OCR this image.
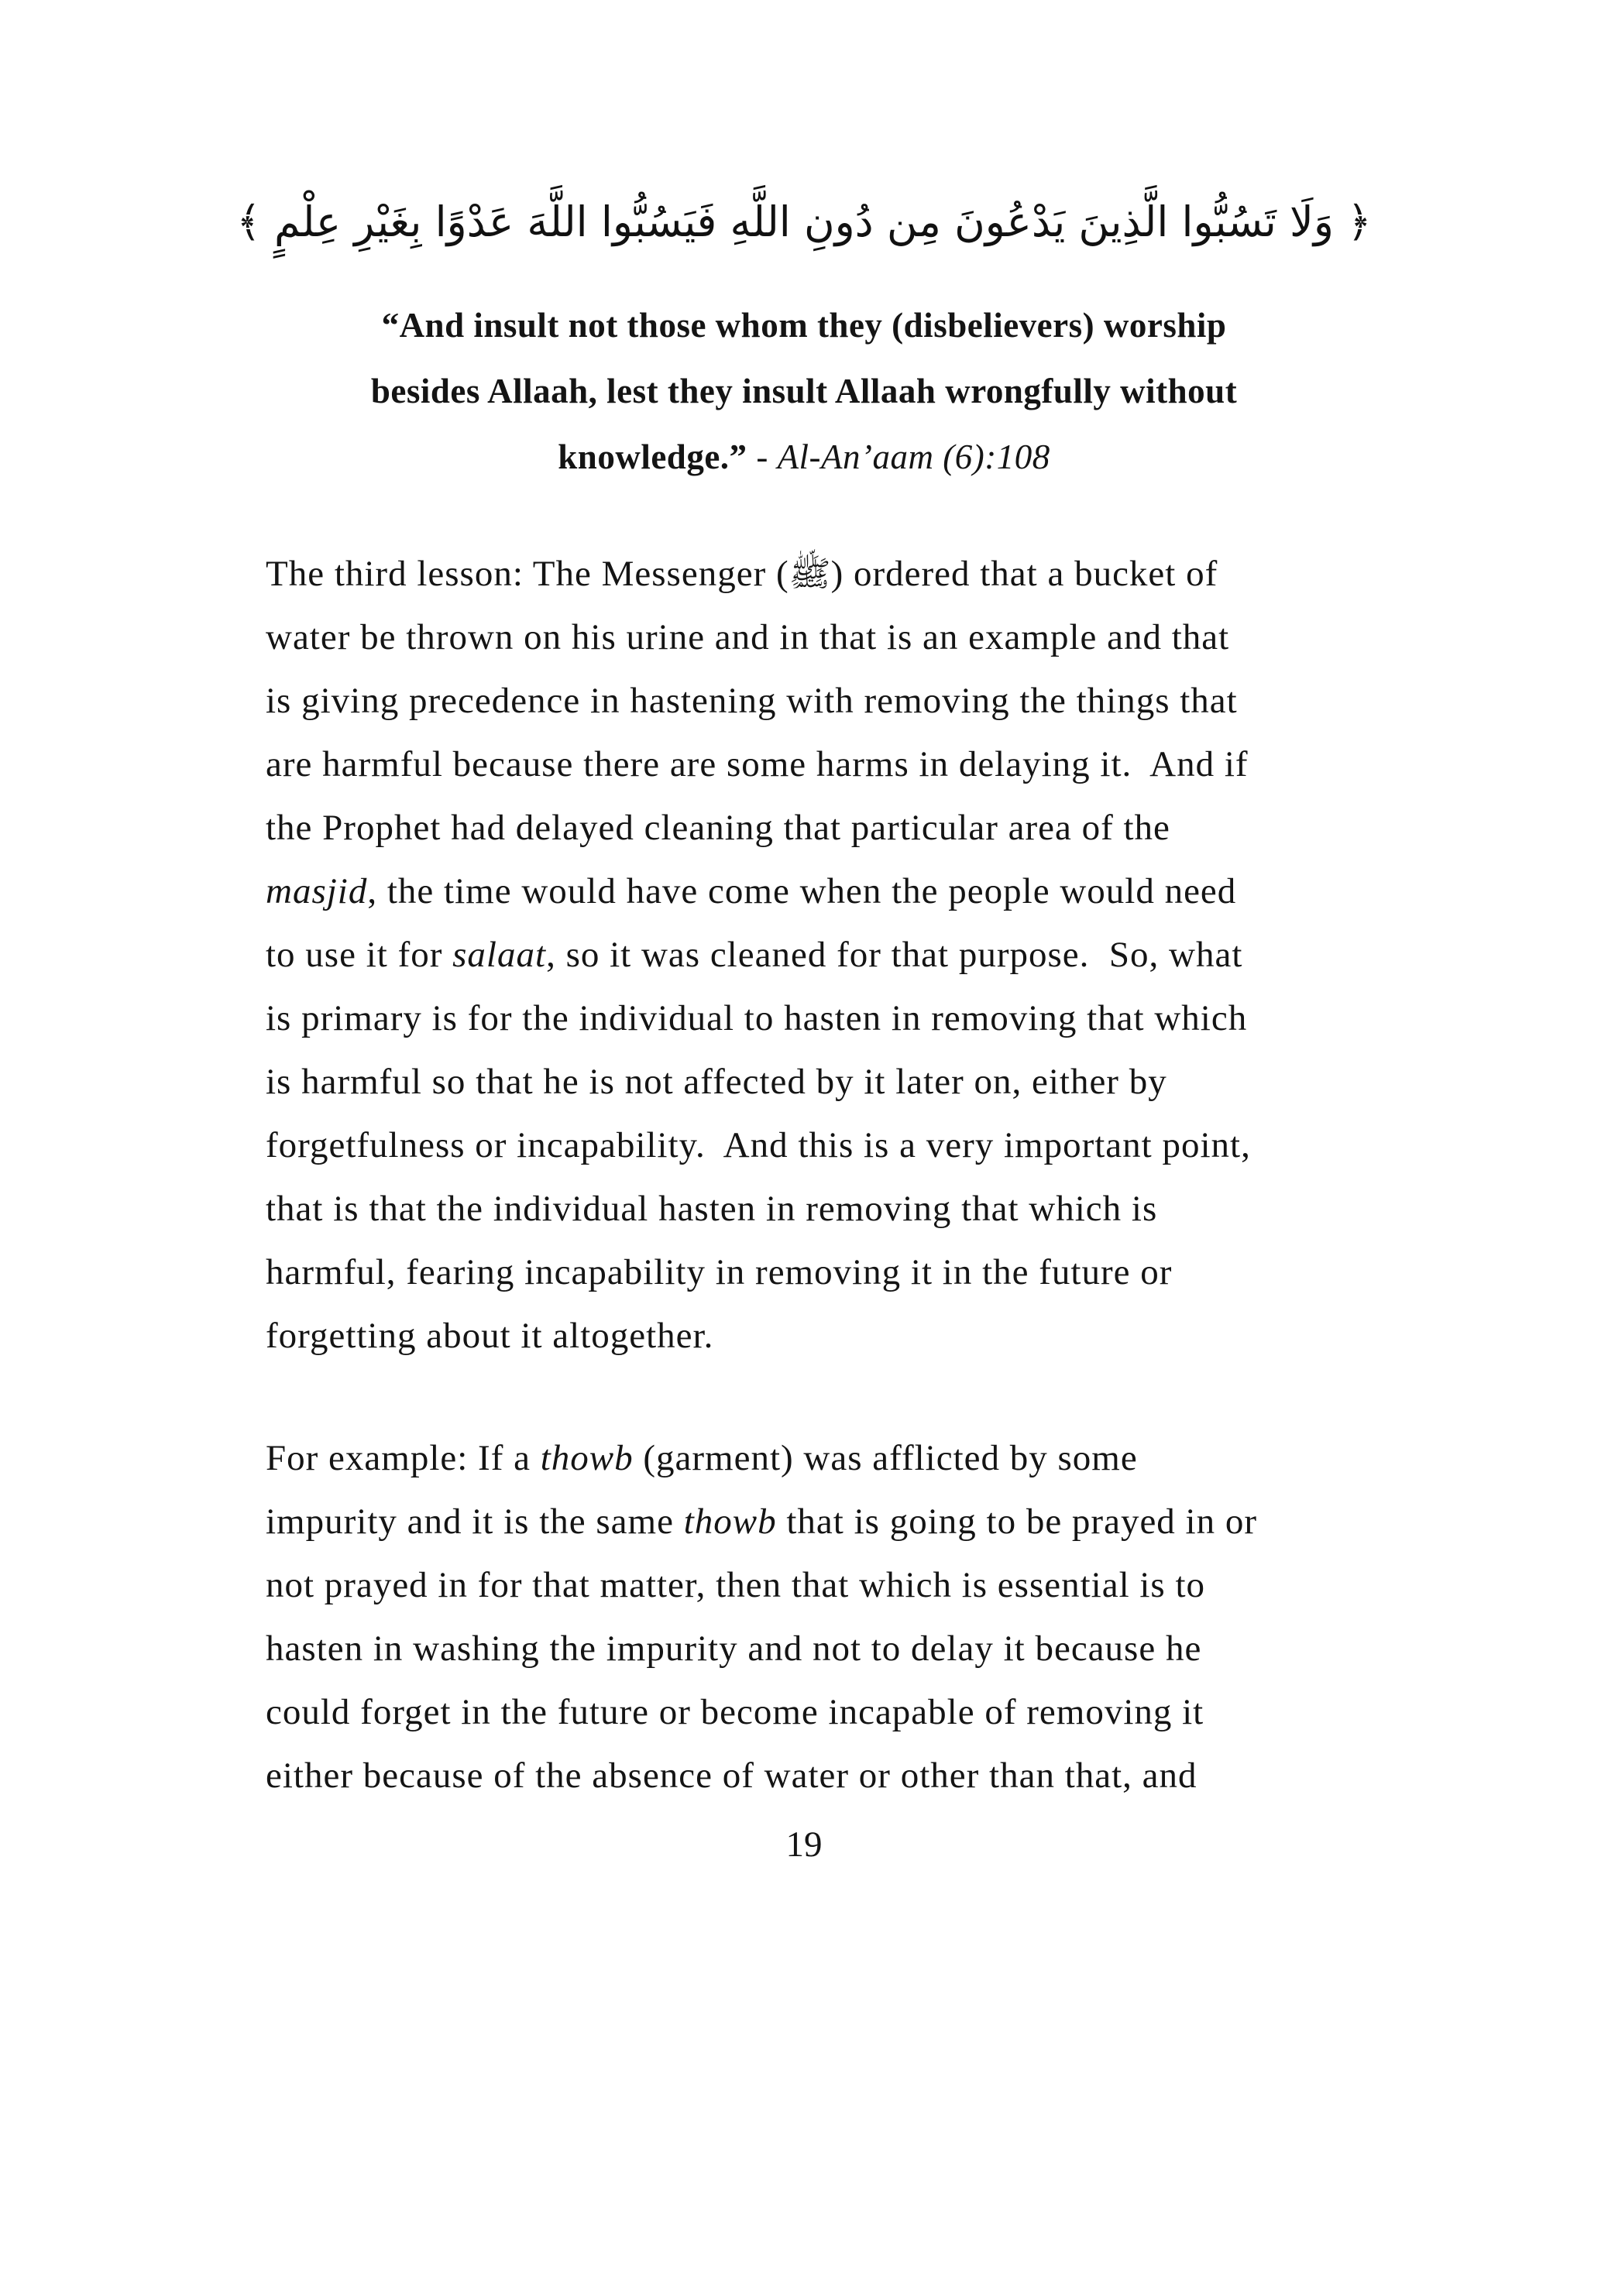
﴿ وَلَا تَسُبُّوا الَّذِينَ يَدْعُونَ مِن دُونِ اللَّهِ فَيَسُبُّوا اللَّهَ عَدْوًا بِغَيْرِ عِلْمٍ ﴾
“And insult not those whom they (disbelievers) worship
besides Allaah, lest they insult Allaah wrongfully without
knowledge.” - Al-An’aam (6):108
The third lesson: The Messenger (ﷺ) ordered that a bucket of
water be thrown on his urine and in that is an example and that
is giving precedence in hastening with removing the things that
are harmful because there are some harms in delaying it.  And if
the Prophet had delayed cleaning that particular area of the
masjid, the time would have come when the people would need
to use it for salaat, so it was cleaned for that purpose.  So, what
is primary is for the individual to hasten in removing that which
is harmful so that he is not affected by it later on, either by
forgetfulness or incapability.  And this is a very important point,
that is that the individual hasten in removing that which is
harmful, fearing incapability in removing it in the future or
forgetting about it altogether.
For example: If a thowb (garment) was afflicted by some
impurity and it is the same thowb that is going to be prayed in or
not prayed in for that matter, then that which is essential is to
hasten in washing the impurity and not to delay it because he
could forget in the future or become incapable of removing it
either because of the absence of water or other than that, and
19
